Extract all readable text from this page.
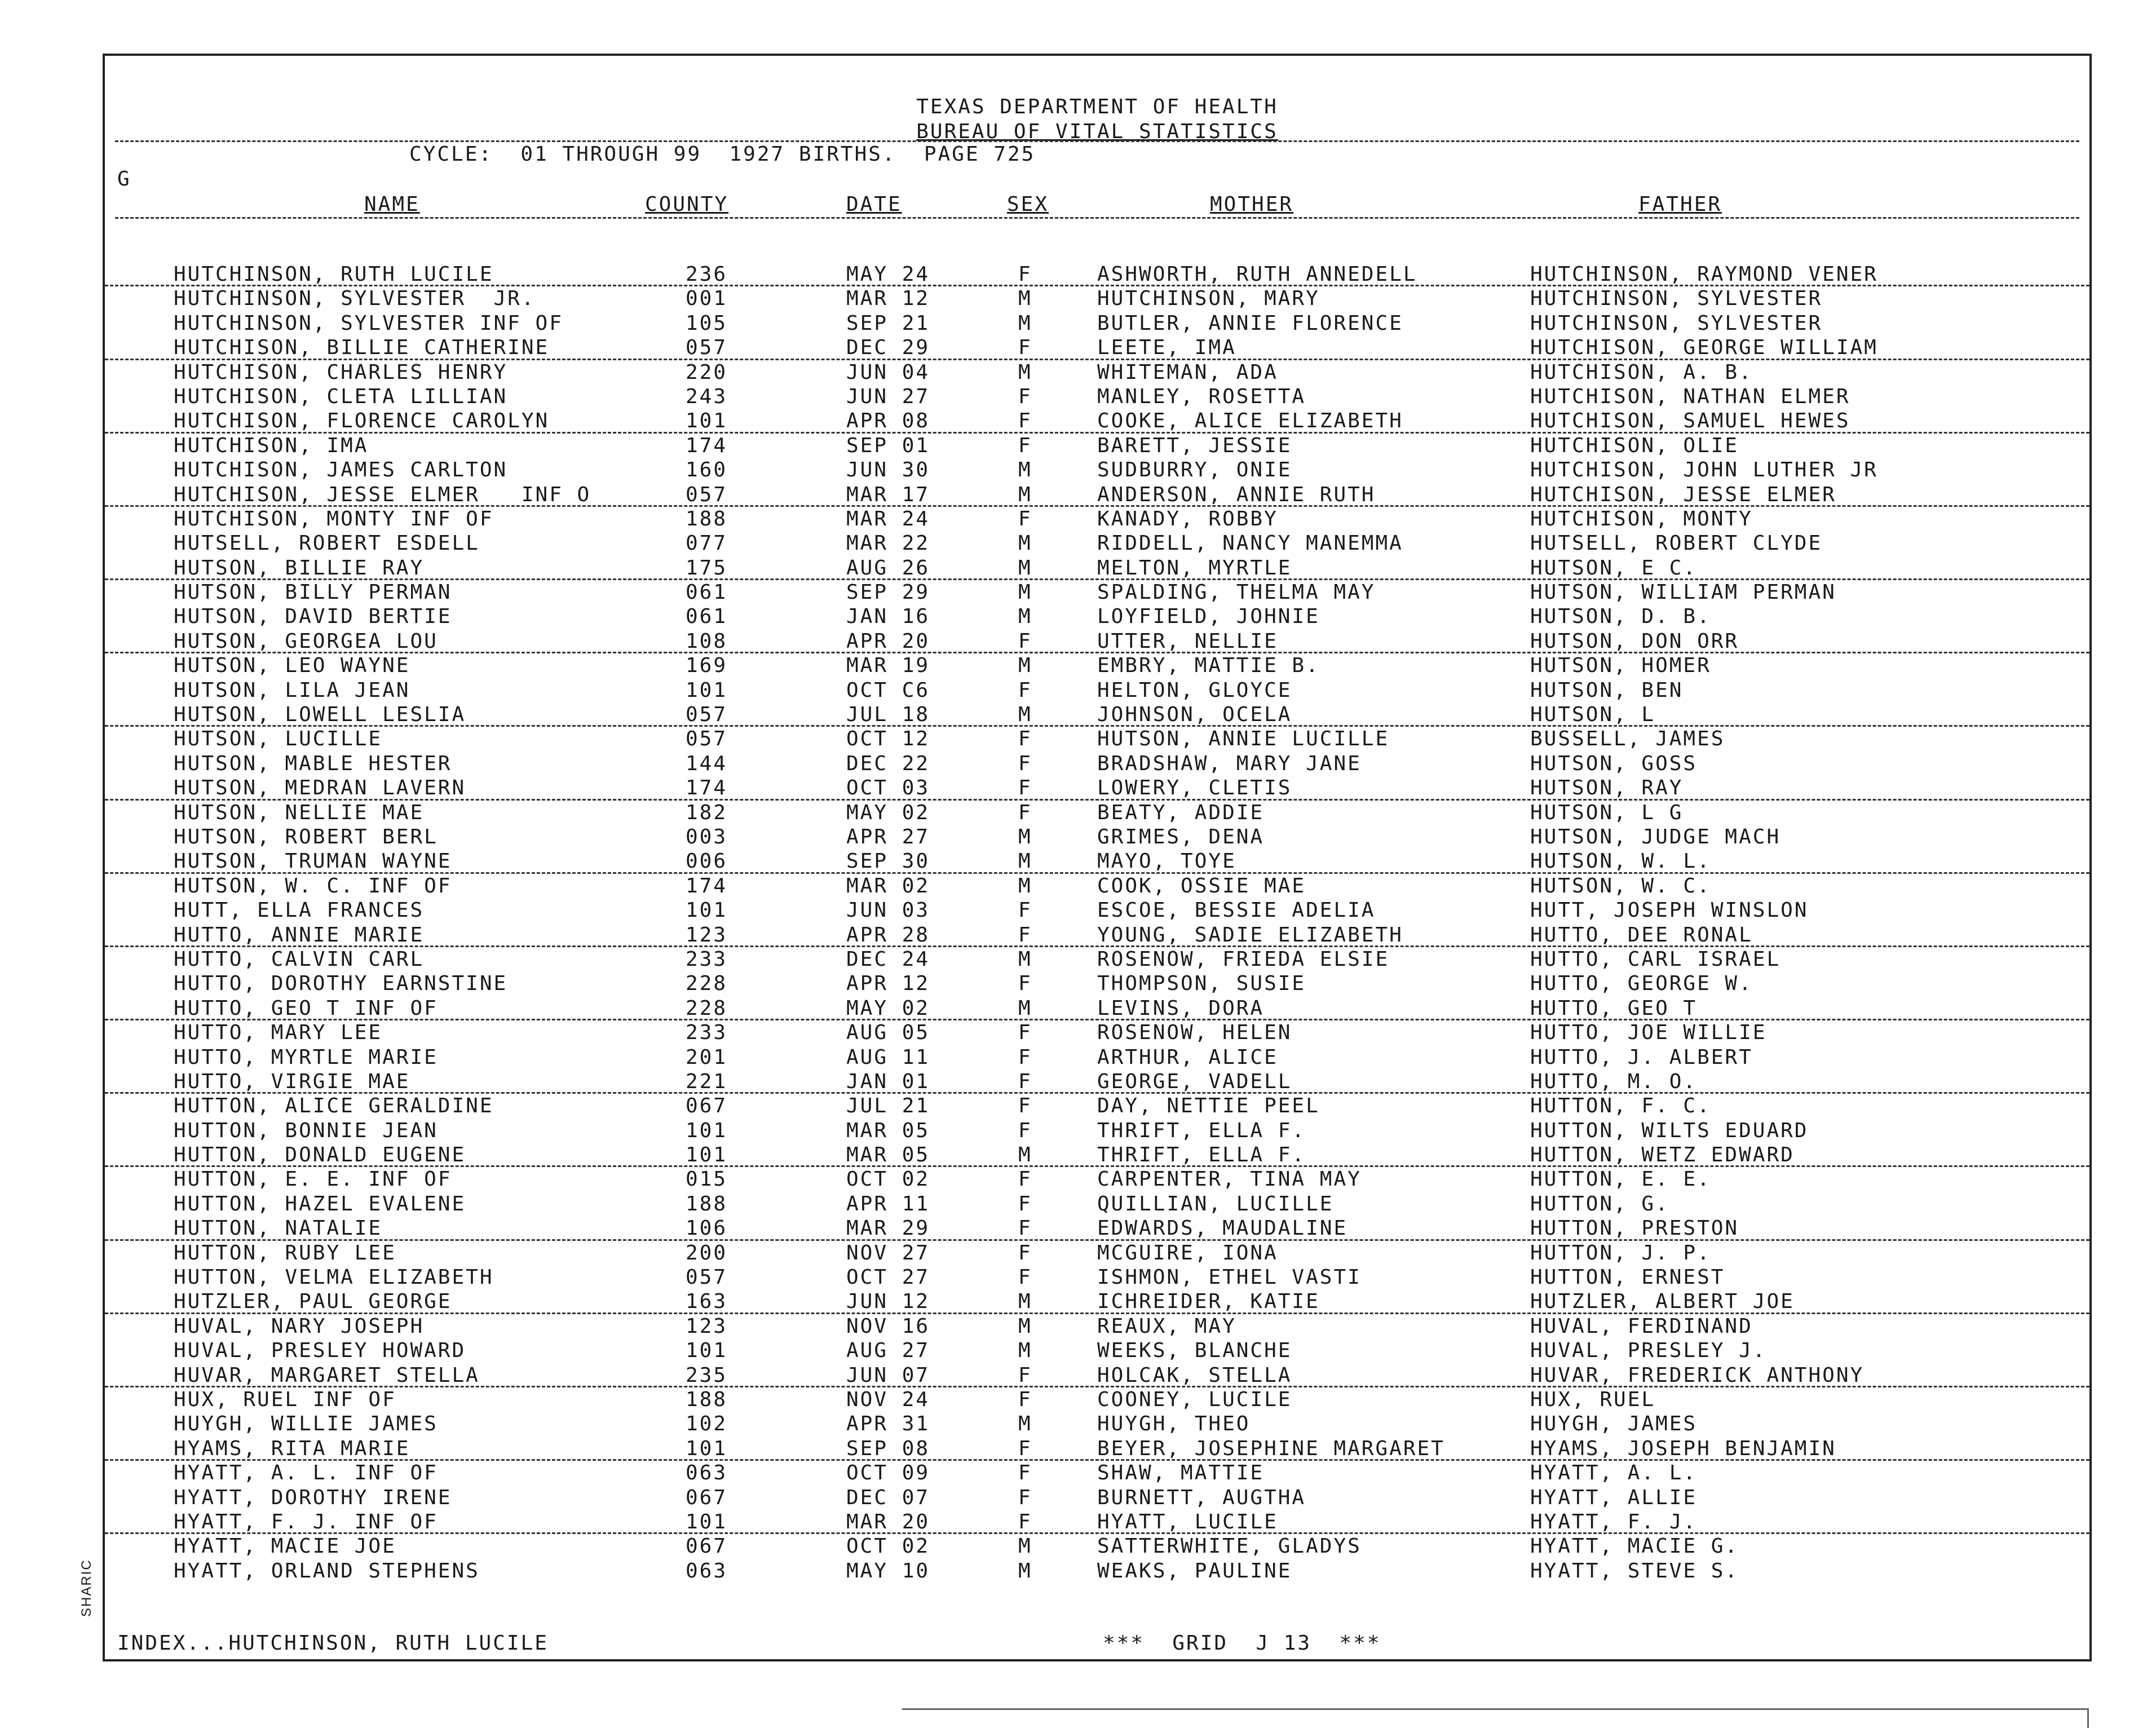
TEXAS DEPARTMENT OF HEALTH
BUREAU OF VITAL STATISTICS
CYCLE:  01 THROUGH 99  1927 BIRTHS.  PAGE 725
G
NAME	COUNTY	DATE	SEX	MOTHER	FATHER
HUTCHINSON, RUTH LUCILE	236	MAY 24	F	ASHWORTH, RUTH ANNEDELL	HUTCHINSON, RAYMOND VENER
HUTCHINSON, SYLVESTER  JR.	001	MAR 12	M	HUTCHINSON, MARY	HUTCHINSON, SYLVESTER
HUTCHINSON, SYLVESTER INF OF	105	SEP 21	M	BUTLER, ANNIE FLORENCE	HUTCHINSON, SYLVESTER
HUTCHISON, BILLIE CATHERINE	057	DEC 29	F	LEETE, IMA	HUTCHISON, GEORGE WILLIAM
HUTCHISON, CHARLES HENRY	220	JUN 04	M	WHITEMAN, ADA	HUTCHISON, A. B.
HUTCHISON, CLETA LILLIAN	243	JUN 27	F	MANLEY, ROSETTA	HUTCHISON, NATHAN ELMER
HUTCHISON, FLORENCE CAROLYN	101	APR 08	F	COOKE, ALICE ELIZABETH	HUTCHISON, SAMUEL HEWES
HUTCHISON, IMA	174	SEP 01	F	BARETT, JESSIE	HUTCHISON, OLIE
HUTCHISON, JAMES CARLTON	160	JUN 30	M	SUDBURRY, ONIE	HUTCHISON, JOHN LUTHER JR
HUTCHISON, JESSE ELMER   INF O	057	MAR 17	M	ANDERSON, ANNIE RUTH	HUTCHISON, JESSE ELMER
HUTCHISON, MONTY INF OF	188	MAR 24	F	KANADY, ROBBY	HUTCHISON, MONTY
HUTSELL, ROBERT ESDELL	077	MAR 22	M	RIDDELL, NANCY MANEMMA	HUTSELL, ROBERT CLYDE
HUTSON, BILLIE RAY	175	AUG 26	M	MELTON, MYRTLE	HUTSON, E C.
HUTSON, BILLY PERMAN	061	SEP 29	M	SPALDING, THELMA MAY	HUTSON, WILLIAM PERMAN
HUTSON, DAVID BERTIE	061	JAN 16	M	LOYFIELD, JOHNIE	HUTSON, D. B.
HUTSON, GEORGEA LOU	108	APR 20	F	UTTER, NELLIE	HUTSON, DON ORR
HUTSON, LEO WAYNE	169	MAR 19	M	EMBRY, MATTIE B.	HUTSON, HOMER
HUTSON, LILA JEAN	101	OCT C6	F	HELTON, GLOYCE	HUTSON, BEN
HUTSON, LOWELL LESLIA	057	JUL 18	M	JOHNSON, OCELA	HUTSON, L
HUTSON, LUCILLE	057	OCT 12	F	HUTSON, ANNIE LUCILLE	BUSSELL, JAMES
HUTSON, MABLE HESTER	144	DEC 22	F	BRADSHAW, MARY JANE	HUTSON, GOSS
HUTSON, MEDRAN LAVERN	174	OCT 03	F	LOWERY, CLETIS	HUTSON, RAY
HUTSON, NELLIE MAE	182	MAY 02	F	BEATY, ADDIE	HUTSON, L G
HUTSON, ROBERT BERL	003	APR 27	M	GRIMES, DENA	HUTSON, JUDGE MACH
HUTSON, TRUMAN WAYNE	006	SEP 30	M	MAYO, TOYE	HUTSON, W. L.
HUTSON, W. C. INF OF	174	MAR 02	M	COOK, OSSIE MAE	HUTSON, W. C.
HUTT, ELLA FRANCES	101	JUN 03	F	ESCOE, BESSIE ADELIA	HUTT, JOSEPH WINSLON
HUTTO, ANNIE MARIE	123	APR 28	F	YOUNG, SADIE ELIZABETH	HUTTO, DEE RONAL
HUTTO, CALVIN CARL	233	DEC 24	M	ROSENOW, FRIEDA ELSIE	HUTTO, CARL ISRAEL
HUTTO, DOROTHY EARNSTINE	228	APR 12	F	THOMPSON, SUSIE	HUTTO, GEORGE W.
HUTTO, GEO T INF OF	228	MAY 02	M	LEVINS, DORA	HUTTO, GEO T
HUTTO, MARY LEE	233	AUG 05	F	ROSENOW, HELEN	HUTTO, JOE WILLIE
HUTTO, MYRTLE MARIE	201	AUG 11	F	ARTHUR, ALICE	HUTTO, J. ALBERT
HUTTO, VIRGIE MAE	221	JAN 01	F	GEORGE, VADELL	HUTTO, M. O.
HUTTON, ALICE GERALDINE	067	JUL 21	F	DAY, NETTIE PEEL	HUTTON, F. C.
HUTTON, BONNIE JEAN	101	MAR 05	F	THRIFT, ELLA F.	HUTTON, WILTS EDUARD
HUTTON, DONALD EUGENE	101	MAR 05	M	THRIFT, ELLA F.	HUTTON, WETZ EDWARD
HUTTON, E. E. INF OF	015	OCT 02	F	CARPENTER, TINA MAY	HUTTON, E. E.
HUTTON, HAZEL EVALENE	188	APR 11	F	QUILLIAN, LUCILLE	HUTTON, G.
HUTTON, NATALIE	106	MAR 29	F	EDWARDS, MAUDALINE	HUTTON, PRESTON
HUTTON, RUBY LEE	200	NOV 27	F	MCGUIRE, IONA	HUTTON, J. P.
HUTTON, VELMA ELIZABETH	057	OCT 27	F	ISHMON, ETHEL VASTI	HUTTON, ERNEST
HUTZLER, PAUL GEORGE	163	JUN 12	M	ICHREIDER, KATIE	HUTZLER, ALBERT JOE
HUVAL, NARY JOSEPH	123	NOV 16	M	REAUX, MAY	HUVAL, FERDINAND
HUVAL, PRESLEY HOWARD	101	AUG 27	M	WEEKS, BLANCHE	HUVAL, PRESLEY J.
HUVAR, MARGARET STELLA	235	JUN 07	F	HOLCAK, STELLA	HUVAR, FREDERICK ANTHONY
HUX, RUEL INF OF	188	NOV 24	F	COONEY, LUCILE	HUX, RUEL
HUYGH, WILLIE JAMES	102	APR 31	M	HUYGH, THEO	HUYGH, JAMES
HYAMS, RITA MARIE	101	SEP 08	F	BEYER, JOSEPHINE MARGARET	HYAMS, JOSEPH BENJAMIN
HYATT, A. L. INF OF	063	OCT 09	F	SHAW, MATTIE	HYATT, A. L.
HYATT, DOROTHY IRENE	067	DEC 07	F	BURNETT, AUGTHA	HYATT, ALLIE
HYATT, F. J. INF OF	101	MAR 20	F	HYATT, LUCILE	HYATT, F. J.
HYATT, MACIE JOE	067	OCT 02	M	SATTERWHITE, GLADYS	HYATT, MACIE G.
HYATT, ORLAND STEPHENS	063	MAY 10	M	WEAKS, PAULINE	HYATT, STEVE S.
INDEX...HUTCHINSON, RUTH LUCILE	***  GRID  J 13  ***
SHARIC
